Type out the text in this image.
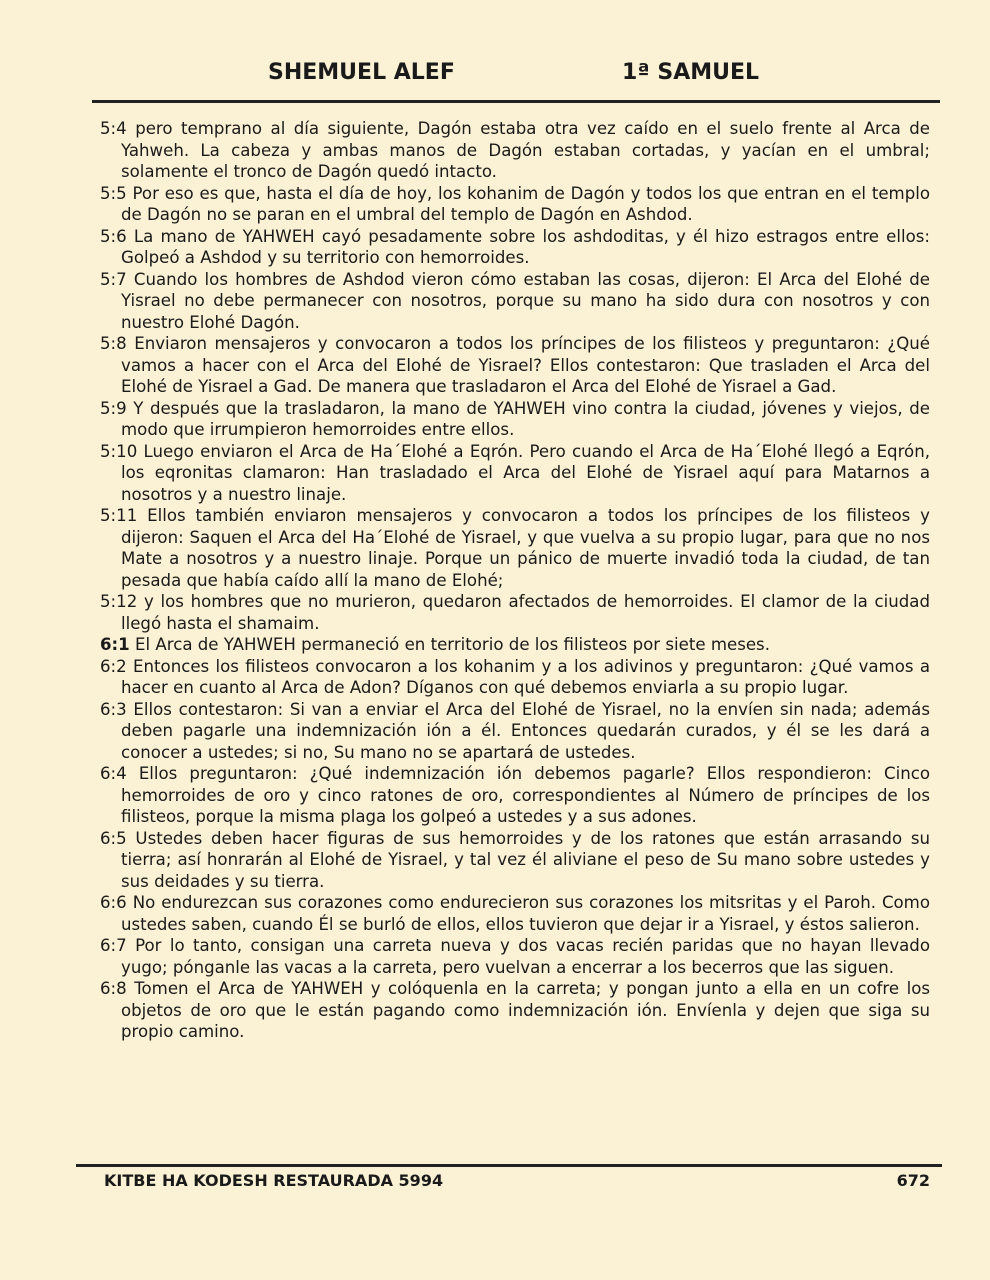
SHEMUEL ALEF	1ª SAMUEL
5:4 pero temprano al día siguiente, Dagón estaba otra vez caído en el suelo frente al Arca de Yahweh. La cabeza y ambas manos de Dagón estaban cortadas, y yacían en el umbral; solamente el tronco de Dagón quedó intacto.
5:5 Por eso es que, hasta el día de hoy, los kohanim de Dagón y todos los que entran en el templo de Dagón no se paran en el umbral del templo de Dagón en Ashdod.
5:6 La mano de YAHWEH cayó pesadamente sobre los ashdoditas, y él hizo estragos entre ellos: Golpeó a Ashdod y su territorio con hemorroides.
5:7 Cuando los hombres de Ashdod vieron cómo estaban las cosas, dijeron: El Arca del Elohé de Yisrael no debe permanecer con nosotros, porque su mano ha sido dura con nosotros y con nuestro Elohé Dagón.
5:8 Enviaron mensajeros y convocaron a todos los príncipes de los filisteos y preguntaron: ¿Qué vamos a hacer con el Arca del Elohé de Yisrael? Ellos contestaron: Que trasladen el Arca del Elohé de Yisrael a Gad. De manera que trasladaron el Arca del Elohé de Yisrael a Gad.
5:9 Y después que la trasladaron, la mano de YAHWEH vino contra la ciudad, jóvenes y viejos, de modo que irrumpieron hemorroides entre ellos.
5:10 Luego enviaron el Arca de Ha´Elohé a Eqrón. Pero cuando el Arca de Ha´Elohé llegó a Eqrón, los eqronitas clamaron: Han trasladado el Arca del Elohé de Yisrael aquí para Matarnos a nosotros y a nuestro linaje.
5:11 Ellos también enviaron mensajeros y convocaron a todos los príncipes de los filisteos y dijeron: Saquen el Arca del Ha´Elohé de Yisrael, y que vuelva a su propio lugar, para que no nos Mate a nosotros y a nuestro linaje. Porque un pánico de muerte invadió toda la ciudad, de tan pesada que había caído allí la mano de Elohé;
5:12 y los hombres que no murieron, quedaron afectados de hemorroides. El clamor de la ciudad llegó hasta el shamaim.
6:1 El Arca de YAHWEH permaneció en territorio de los filisteos por siete meses.
6:2 Entonces los filisteos convocaron a los kohanim y a los adivinos y preguntaron: ¿Qué vamos a hacer en cuanto al Arca de Adon? Díganos con qué debemos enviarla a su propio lugar.
6:3 Ellos contestaron: Si van a enviar el Arca del Elohé de Yisrael, no la envíen sin nada; además deben pagarle una indemnización ión a él. Entonces quedarán curados, y él se les dará a conocer a ustedes; si no, Su mano no se apartará de ustedes.
6:4 Ellos preguntaron: ¿Qué indemnización ión debemos pagarle? Ellos respondieron: Cinco hemorroides de oro y cinco ratones de oro, correspondientes al Número de príncipes de los filisteos, porque la misma plaga los golpeó a ustedes y a sus adones.
6:5 Ustedes deben hacer figuras de sus hemorroides y de los ratones que están arrasando su tierra; así honrarán al Elohé de Yisrael, y tal vez él aliviane el peso de Su mano sobre ustedes y sus deidades y su tierra.
6:6 No endurezcan sus corazones como endurecieron sus corazones los mitsritas y el Paroh. Como ustedes saben, cuando Él se burló de ellos, ellos tuvieron que dejar ir a Yisrael, y éstos salieron.
6:7 Por lo tanto, consigan una carreta nueva y dos vacas recién paridas que no hayan llevado yugo; pónganle las vacas a la carreta, pero vuelvan a encerrar a los becerros que las siguen.
6:8 Tomen el Arca de YAHWEH y colóquenla en la carreta; y pongan junto a ella en un cofre los objetos de oro que le están pagando como indemnización ión. Envíenla y dejen que siga su propio camino.
KITBE HA KODESH RESTAURADA 5994	672
